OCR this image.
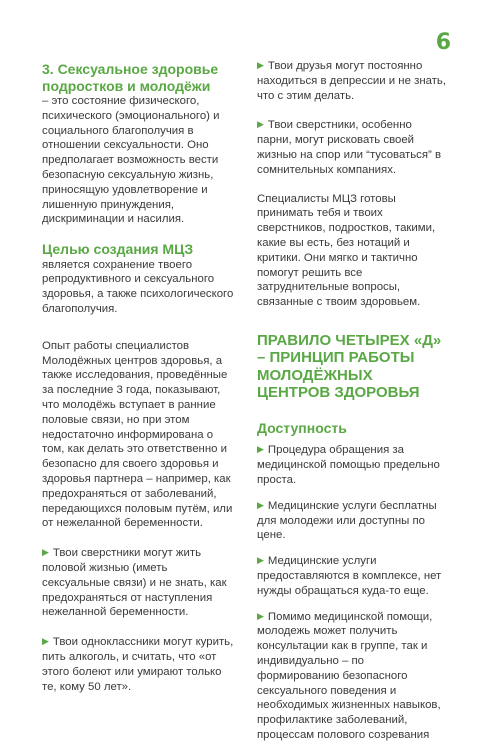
6
3. Сексуальное здоровье подростков и молодёжи
– это состояние физического, психического (эмоционального) и социального благополучия в отношении сексуальности. Оно предполагает возможность вести безопасную сексуальную жизнь, приносящую удовлетворение и лишенную принуждения, дискриминации и насилия.
Целью создания МЦЗ
является сохранение твоего репродуктивного и сексуального здоровья, а также психологического благополучия.

Опыт работы специалистов Молодёжных центров здоровья, а также исследования, проведённые за последние 3 года, показывают, что молодёжь вступает в ранние половые связи, но при этом недостаточно информирована о том, как делать это ответственно и безопасно для своего здоровья и здоровья партнера – например, как предохраняться от заболеваний, передающихся половым путём, или от нежеланной беременности.

▶ Твои сверстники могут жить половой жизнью (иметь сексуальные связи) и не знать, как предохраняться от наступления нежеланной беременности.
▶ Твои одноклассники могут курить, пить алкоголь, и считать, что «от этого болеют или умирают только те, кому 50 лет».
▶ Твои друзья могут постоянно находиться в депрессии и не знать, что с этим делать.
▶ Твои сверстники, особенно парни, могут рисковать своей жизнью на спор или “тусоваться” в сомнительных компаниях.

Специалисты МЦЗ готовы принимать тебя и твоих сверстников, подростков, такими, какие вы есть, без нотаций и критики. Они мягко и тактично помогут решить все затруднительные вопросы, связанные с твоим здоровьем.

ПРАВИЛО ЧЕТЫРЕХ «Д» – ПРИНЦИП РАБОТЫ МОЛОДЁЖНЫХ ЦЕНТРОВ ЗДОРОВЬЯ
Доступность
▶ Процедура обращения за медицинской помощью предельно проста.
▶ Медицинские услуги бесплатны для молодежи или доступны по цене.
▶ Медицинские услуги предоставляются в комплексе, нет нужды обращаться куда-то еще.
▶ Помимо медицинской помощи, молодежь может получить консультации как в группе, так и индивидуально – по формированию безопасного сексуального поведения и необходимых жизненных навыков, профилактике заболеваний, процессам полового созревания
